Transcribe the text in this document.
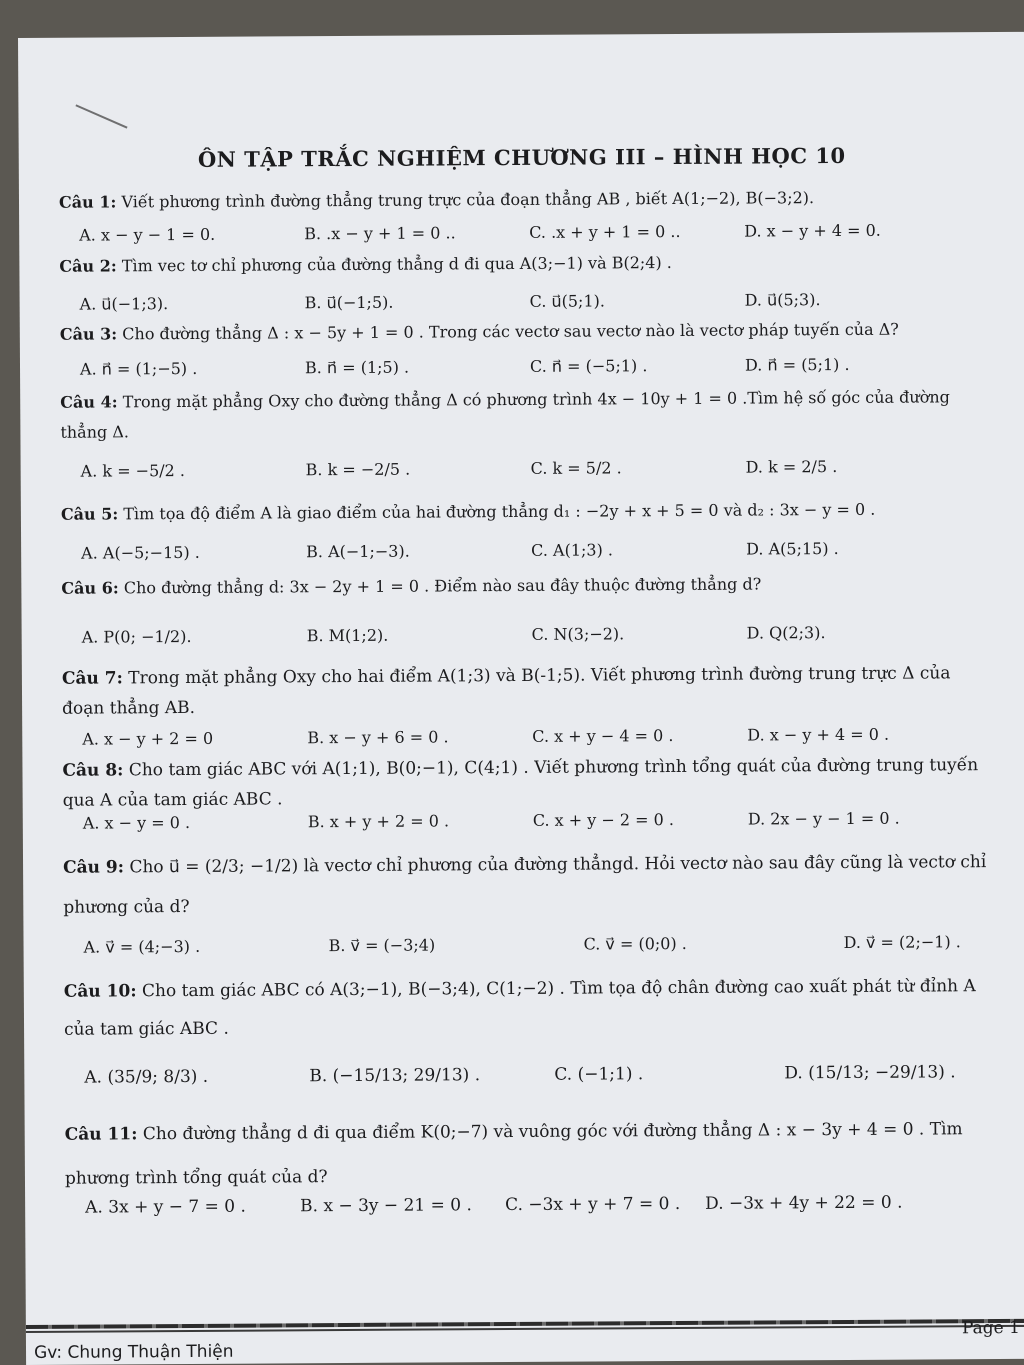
ÔN TẬP TRẮC NGHIỆM CHƯƠNG III – HÌNH HỌC 10
Câu 1: Viết phương trình đường thẳng trung trực của đoạn thẳng AB , biết A(1;−2), B(−3;2).
A. x − y − 1 = 0.	B. .x − y + 1 = 0 ..	C. .x + y + 1 = 0 ..	D. x − y + 4 = 0.
Câu 2: Tìm vec tơ chỉ phương của đường thẳng d đi qua A(3;−1) và B(2;4) .
A. u⃗(−1;3).	B. u⃗(−1;5).	C. u⃗(5;1).	D. u⃗(5;3).
Câu 3: Cho đường thẳng Δ : x − 5y + 1 = 0 . Trong các vectơ sau vectơ nào là vectơ pháp tuyến của Δ?
A. n⃗ = (1;−5) .	B. n⃗ = (1;5) .	C. n⃗ = (−5;1) .	D. n⃗ = (5;1) .
Câu 4: Trong mặt phẳng Oxy cho đường thẳng Δ có phương trình 4x − 10y + 1 = 0 .Tìm hệ số góc của đường thẳng Δ.
A. k = −5/2 .	B. k = −2/5 .	C. k = 5/2 .	D. k = 2/5 .
Câu 5: Tìm tọa độ điểm A là giao điểm của hai đường thẳng d₁ : −2y + x + 5 = 0 và d₂ : 3x − y = 0 .
A. A(−5;−15) .	B. A(−1;−3).	C. A(1;3) .	D. A(5;15) .
Câu 6: Cho đường thẳng d: 3x − 2y + 1 = 0 . Điểm nào sau đây thuộc đường thẳng d?
A. P(0; −1/2).	B. M(1;2).	C. N(3;−2).	D. Q(2;3).
Câu 7: Trong mặt phẳng Oxy cho hai điểm A(1;3) và B(-1;5). Viết phương trình đường trung trực Δ của đoạn thẳng AB.
A. x − y + 2 = 0	B. x − y + 6 = 0 .	C. x + y − 4 = 0 .	D. x − y + 4 = 0 .
Câu 8: Cho tam giác ABC với A(1;1), B(0;−1), C(4;1) . Viết phương trình tổng quát của đường trung tuyến qua A của tam giác ABC .
A. x − y = 0 .	B. x + y + 2 = 0 .	C. x + y − 2 = 0 .	D. 2x − y − 1 = 0 .
Câu 9: Cho u⃗ = (2/3; −1/2) là vectơ chỉ phương của đường thẳngd. Hỏi vectơ nào sau đây cũng là vectơ chỉ phương của d?
A. v⃗ = (4;−3) .	B. v⃗ = (−3;4)	C. v⃗ = (0;0) .	D. v⃗ = (2;−1) .
Câu 10: Cho tam giác ABC có A(3;−1), B(−3;4), C(1;−2) . Tìm tọa độ chân đường cao xuất phát từ đỉnh A của tam giác ABC .
A. (35/9; 8/3) .	B. (−15/13; 29/13) .	C. (−1;1) .	D. (15/13; −29/13) .
Câu 11: Cho đường thẳng d đi qua điểm K(0;−7) và vuông góc với đường thẳng Δ : x − 3y + 4 = 0 . Tìm phương trình tổng quát của d?
A. 3x + y − 7 = 0 .	B. x − 3y − 21 = 0 . C. −3x + y + 7 = 0 . D. −3x + 4y + 22 = 0 .
Gv: Chung Thuận Thiện
Page 1
